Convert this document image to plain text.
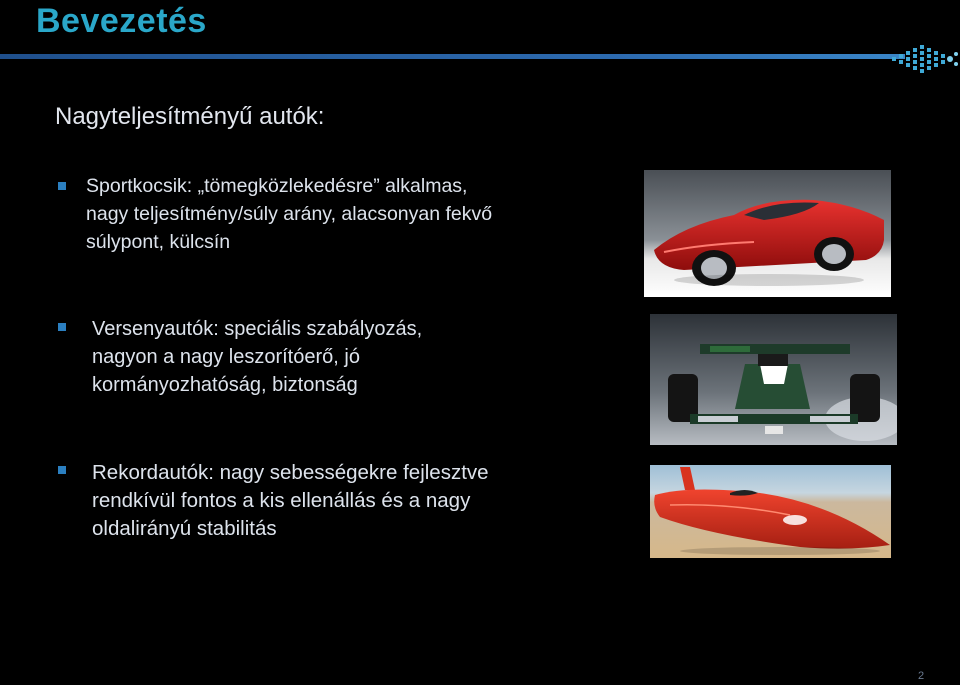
Bevezetés
Nagyteljesítményű autók:
Sportkocsik: „tömegközlekedésre” alkalmas,
nagy teljesítmény/súly arány, alacsonyan fekvő
súlypont, külcsín
Versenyautók: speciális szabályozás,
nagyon a nagy leszorítóerő, jó
kormányozhatóság, biztonság
Rekordautók: nagy sebességekre fejlesztve
rendkívül fontos a kis ellenállás és a nagy
oldalirányú stabilitás
2
